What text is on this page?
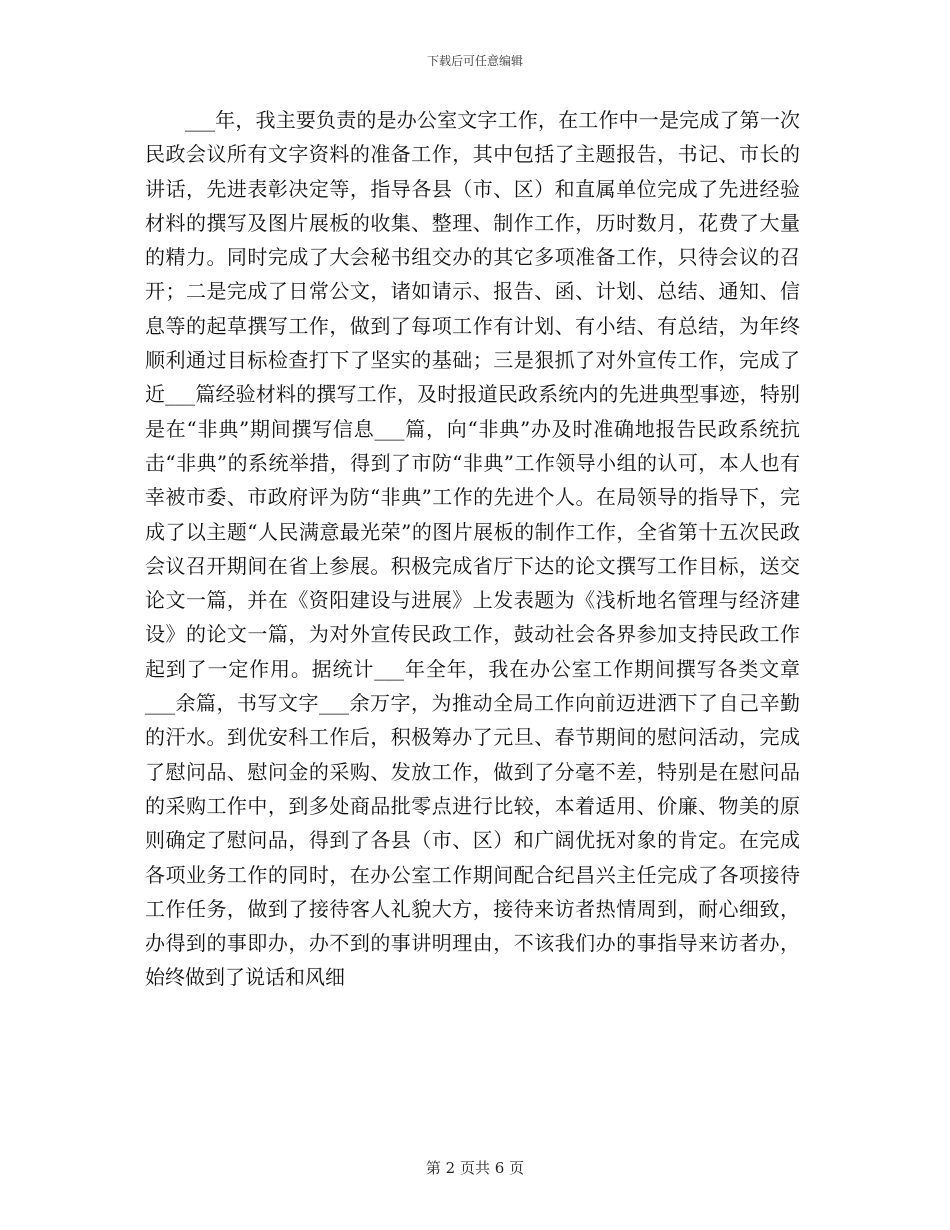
下载后可任意编辑

___年，我主要负责的是办公室文字工作，在工作中一是完成了第一次民政会议所有文字资料的准备工作，其中包括了主题报告，书记、市长的讲话，先进表彰决定等，指导各县（市、区）和直属单位完成了先进经验材料的撰写及图片展板的收集、整理、制作工作，历时数月，花费了大量的精力。同时完成了大会秘书组交办的其它多项准备工作，只待会议的召开；二是完成了日常公文，诸如请示、报告、函、计划、总结、通知、信息等的起草撰写工作，做到了每项工作有计划、有小结、有总结，为年终顺利通过目标检查打下了坚实的基础；三是狠抓了对外宣传工作，完成了近___篇经验材料的撰写工作，及时报道民政系统内的先进典型事迹，特别是在“非典”期间撰写信息___篇，向“非典”办及时准确地报告民政系统抗击“非典”的系统举措，得到了市防“非典”工作领导小组的认可，本人也有幸被市委、市政府评为防“非典”工作的先进个人。在局领导的指导下，完成了以主题“人民满意最光荣”的图片展板的制作工作，全省第十五次民政会议召开期间在省上参展。积极完成省厅下达的论文撰写工作目标，送交论文一篇，并在《资阳建设与进展》上发表题为《浅析地名管理与经济建设》的论文一篇，为对外宣传民政工作，鼓动社会各界参加支持民政工作起到了一定作用。据统计___年全年，我在办公室工作期间撰写各类文章___余篇，书写文字___余万字，为推动全局工作向前迈进洒下了自己辛勤的汗水。到优安科工作后，积极筹办了元旦、春节期间的慰问活动，完成了慰问品、慰问金的采购、发放工作，做到了分毫不差，特别是在慰问品的采购工作中，到多处商品批零点进行比较，本着适用、价廉、物美的原则确定了慰问品，得到了各县（市、区）和广阔优抚对象的肯定。在完成各项业务工作的同时，在办公室工作期间配合纪昌兴主任完成了各项接待工作任务，做到了接待客人礼貌大方，接待来访者热情周到，耐心细致，办得到的事即办，办不到的事讲明理由，不该我们办的事指导来访者办，始终做到了说话和风细

第 2 页共 6 页
